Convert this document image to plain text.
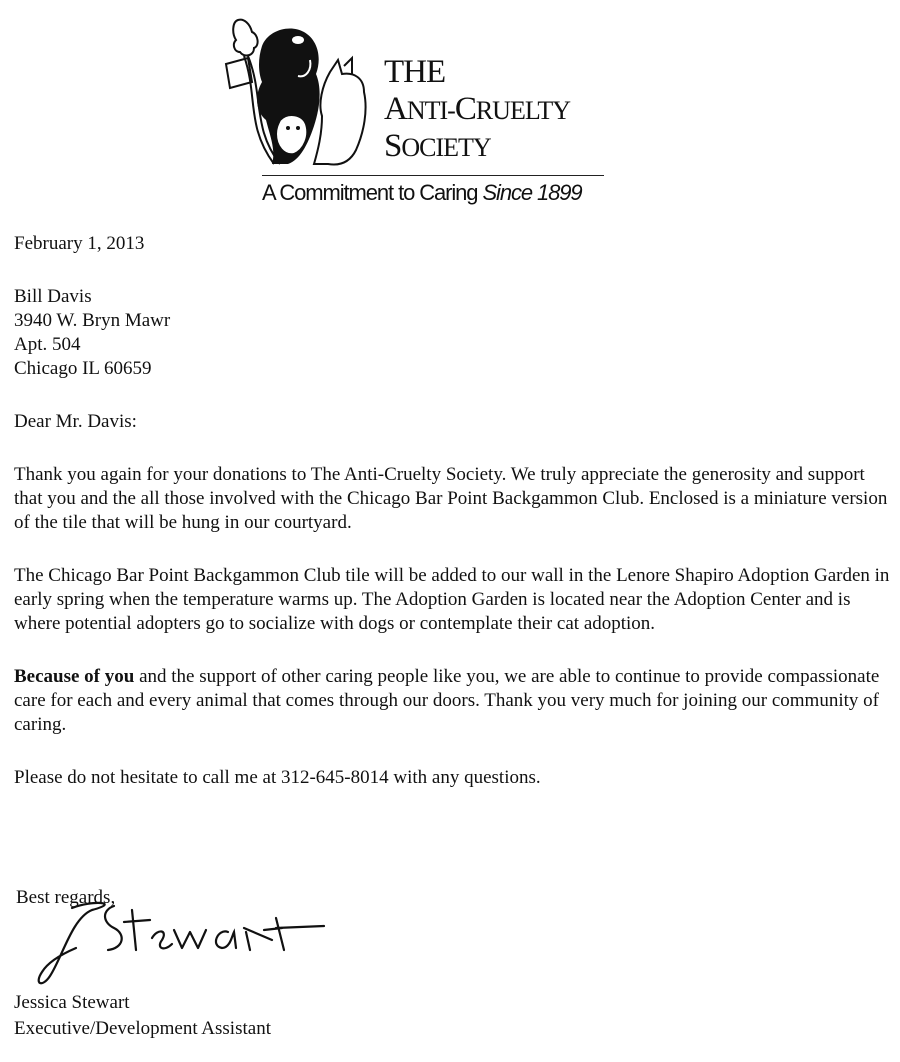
THE
ANTI-CRUELTY
SOCIETY
A Commitment to Caring Since 1899
February 1, 2013
Bill Davis
3940 W. Bryn Mawr
Apt. 504
Chicago IL 60659
Dear Mr. Davis:

Thank you again for your donations to The Anti-Cruelty Society. We truly appreciate the generosity and support that you and the all those involved with the Chicago Bar Point Backgammon Club. Enclosed is a miniature version of the tile that will be hung in our courtyard.

The Chicago Bar Point Backgammon Club tile will be added to our wall in the Lenore Shapiro Adoption Garden in early spring when the temperature warms up. The Adoption Garden is located near the Adoption Center and is where potential adopters go to socialize with dogs or contemplate their cat adoption.

Because of you and the support of other caring people like you, we are able to continue to provide compassionate care for each and every animal that comes through our doors. Thank you very much for joining our community of caring.

Please do not hesitate to call me at 312-645-8014 with any questions.

Best regards,
Jessica Stewart
Executive/Development Assistant
